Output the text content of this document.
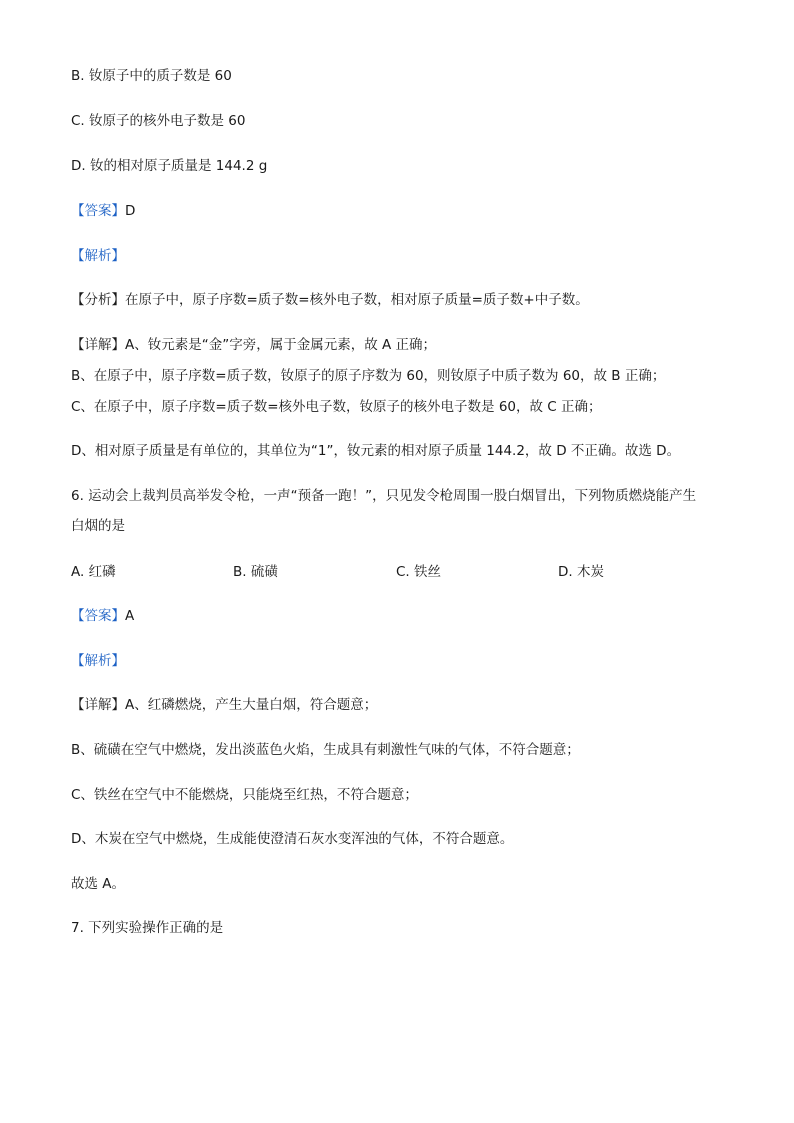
B. 钕原子中的质子数是 60
C. 钕原子的核外电子数是 60
D. 钕的相对原子质量是 144.2 g
【答案】D
【解析】
【分析】在原子中，原子序数=质子数=核外电子数，相对原子质量=质子数+中子数。
【详解】A、钕元素是“金”字旁，属于金属元素，故 A 正确；
B、在原子中，原子序数=质子数，钕原子的原子序数为 60，则钕原子中质子数为 60，故 B 正确；
C、在原子中，原子序数=质子数=核外电子数，钕原子的核外电子数是 60，故 C 正确；
D、相对原子质量是有单位的，其单位为“1”，钕元素的相对原子质量 144.2，故 D 不正确。故选 D。
6. 运动会上裁判员高举发令枪，一声“预备一跑！”，只见发令枪周围一股白烟冒出，下列物质燃烧能产生
白烟的是
A. 红磷	B. 硫磺	C. 铁丝	D. 木炭
【答案】A
【解析】
【详解】A、红磷燃烧，产生大量白烟，符合题意；
B、硫磺在空气中燃烧，发出淡蓝色火焰，生成具有刺激性气味的气体，不符合题意；
C、铁丝在空气中不能燃烧，只能烧至红热，不符合题意；
D、木炭在空气中燃烧，生成能使澄清石灰水变浑浊的气体，不符合题意。
故选 A。
7. 下列实验操作正确的是
